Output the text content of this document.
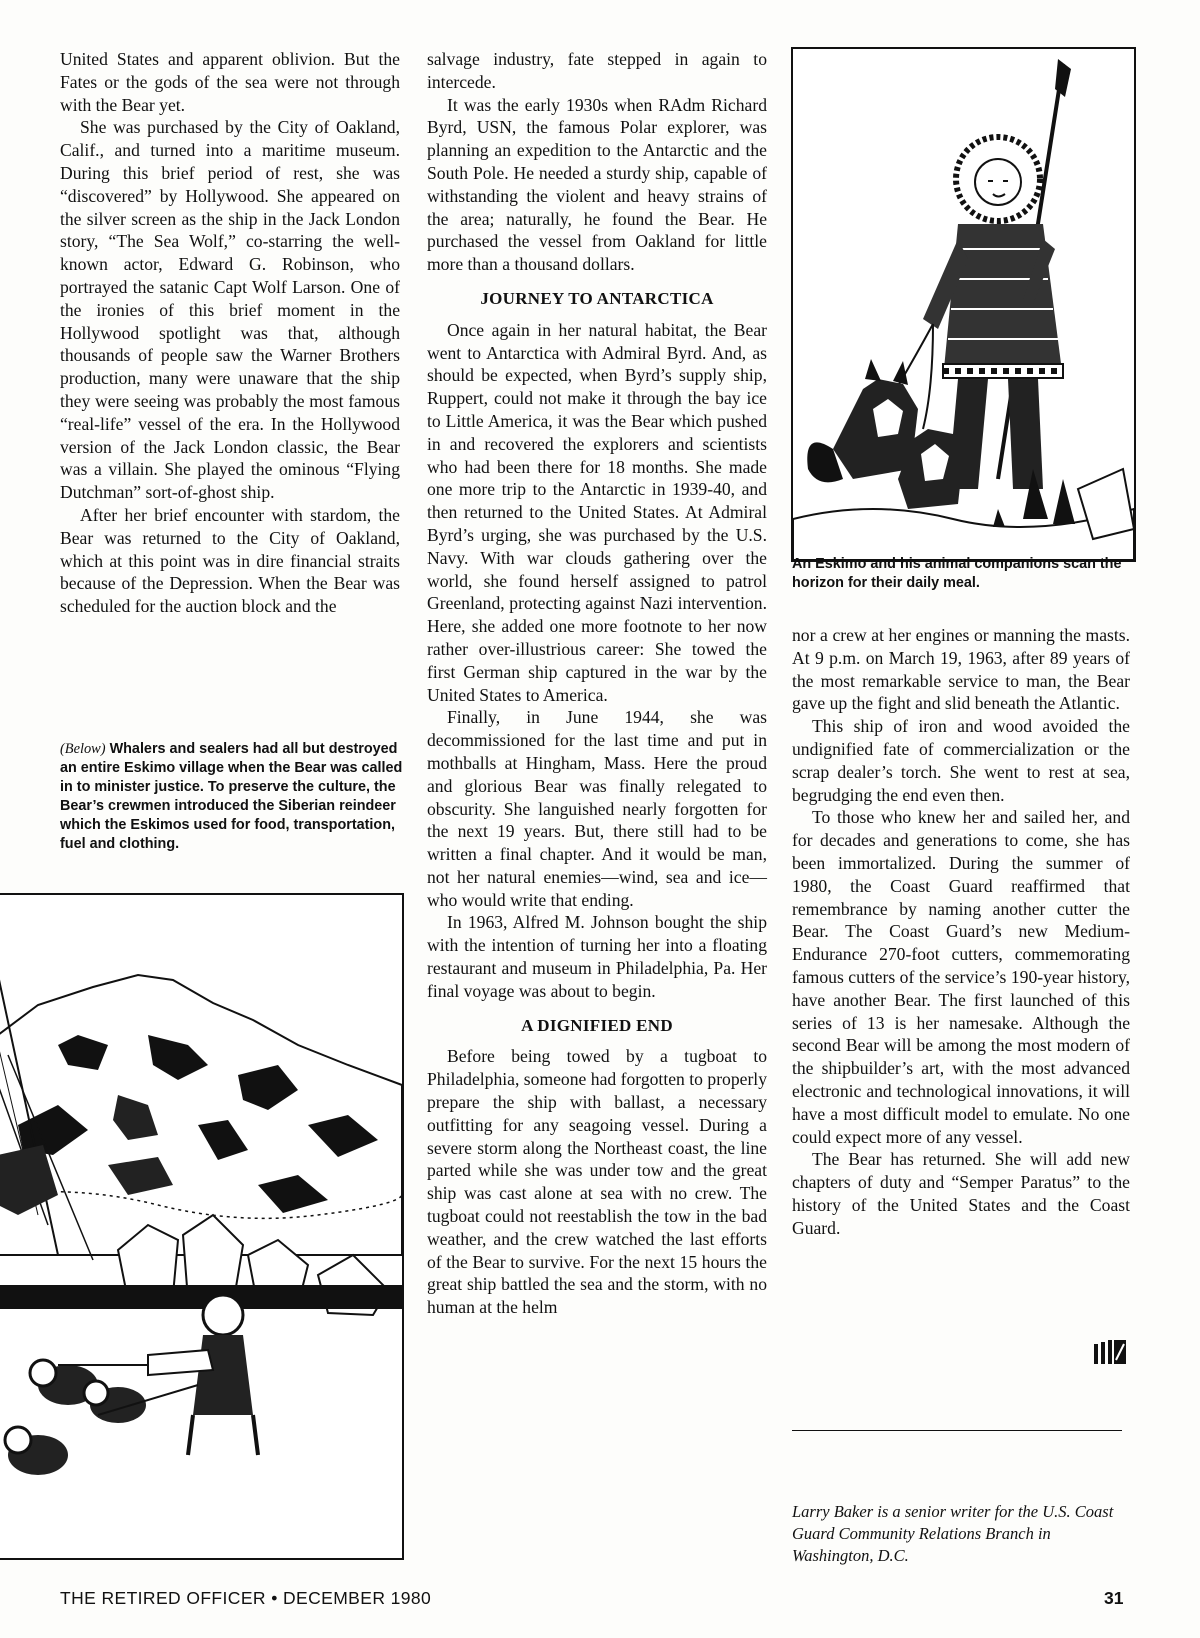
United States and apparent oblivion. But the Fates or the gods of the sea were not through with the Bear yet.

She was purchased by the City of Oakland, Calif., and turned into a maritime museum. During this brief period of rest, she was “discovered” by Hollywood. She appeared on the silver screen as the ship in the Jack London story, “The Sea Wolf,” co-starring the well-known actor, Edward G. Robinson, who portrayed the satanic Capt Wolf Larson. One of the ironies of this brief moment in the Hollywood spotlight was that, although thousands of people saw the Warner Brothers production, many were unaware that the ship they were seeing was probably the most famous “real-life” vessel of the era. In the Hollywood version of the Jack London classic, the Bear was a villain. She played the ominous “Flying Dutchman” sort-of-ghost ship.

After her brief encounter with stardom, the Bear was returned to the City of Oakland, which at this point was in dire financial straits because of the Depression. When the Bear was scheduled for the auction block and the

(Below) Whalers and sealers had all but destroyed an entire Eskimo village when the Bear was called in to minister justice. To preserve the culture, the Bear’s crewmen introduced the Siberian reindeer which the Eskimos used for food, transportation, fuel and clothing.

salvage industry, fate stepped in again to intercede.

It was the early 1930s when RAdm Richard Byrd, USN, the famous Polar explorer, was planning an expedition to the Antarctic and the South Pole. He needed a sturdy ship, capable of withstanding the violent and heavy strains of the area; naturally, he found the Bear. He purchased the vessel from Oakland for little more than a thousand dollars.

JOURNEY TO ANTARCTICA

Once again in her natural habitat, the Bear went to Antarctica with Admiral Byrd. And, as should be expected, when Byrd’s supply ship, Ruppert, could not make it through the bay ice to Little America, it was the Bear which pushed in and recovered the explorers and scientists who had been there for 18 months. She made one more trip to the Antarctic in 1939-40, and then returned to the United States. At Admiral Byrd’s urging, she was purchased by the U.S. Navy. With war clouds gathering over the world, she found herself assigned to patrol Greenland, protecting against Nazi intervention. Here, she added one more footnote to her now rather over-illustrious career: She towed the first German ship captured in the war by the United States to America.

Finally, in June 1944, she was decommissioned for the last time and put in mothballs at Hingham, Mass. Here the proud and glorious Bear was finally relegated to obscurity. She languished nearly forgotten for the next 19 years. But, there still had to be written a final chapter. And it would be man, not her natural enemies—wind, sea and ice—who would write that ending.

In 1963, Alfred M. Johnson bought the ship with the intention of turning her into a floating restaurant and museum in Philadelphia, Pa. Her final voyage was about to begin.

A DIGNIFIED END

Before being towed by a tugboat to Philadelphia, someone had forgotten to properly prepare the ship with ballast, a necessary outfitting for any seagoing vessel. During a severe storm along the Northeast coast, the line parted while she was under tow and the great ship was cast alone at sea with no crew. The tugboat could not reestablish the tow in the bad weather, and the crew watched the last efforts of the Bear to survive. For the next 15 hours the great ship battled the sea and the storm, with no human at the helm

An Eskimo and his animal companions scan the horizon for their daily meal.

nor a crew at her engines or manning the masts. At 9 p.m. on March 19, 1963, after 89 years of the most remarkable service to man, the Bear gave up the fight and slid beneath the Atlantic.

This ship of iron and wood avoided the undignified fate of commercialization or the scrap dealer’s torch. She went to rest at sea, begrudging the end even then.

To those who knew her and sailed her, and for decades and generations to come, she has been immortalized. During the summer of 1980, the Coast Guard reaffirmed that remembrance by naming another cutter the Bear. The Coast Guard’s new Medium-Endurance 270-foot cutters, commemorating famous cutters of the service’s 190-year history, have another Bear. The first launched of this series of 13 is her namesake. Although the second Bear will be among the most modern of the shipbuilder’s art, with the most advanced electronic and technological innovations, it will have a most difficult model to emulate. No one could expect more of any vessel.

The Bear has returned. She will add new chapters of duty and “Semper Paratus” to the history of the United States and the Coast Guard.

Larry Baker is a senior writer for the U.S. Coast Guard Community Relations Branch in Washington, D.C.
THE RETIRED OFFICER • DECEMBER 1980	31
